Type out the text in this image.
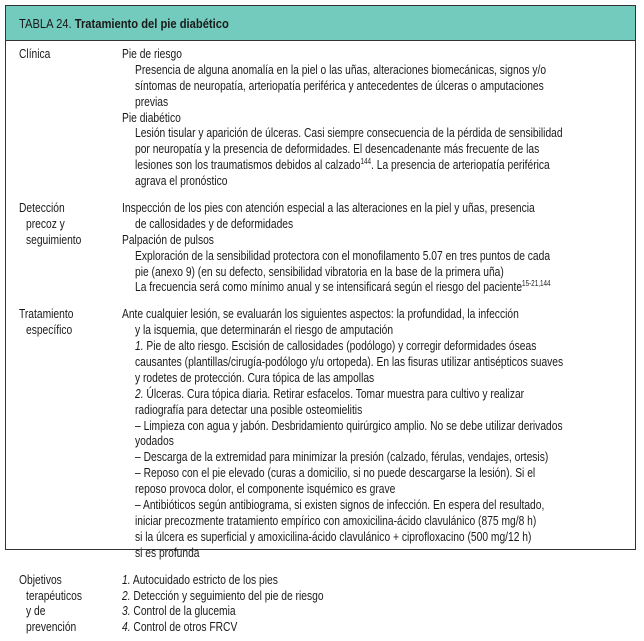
TABLA 24. Tratamiento del pie diabético
Clínica	Pie de riesgo
Presencia de alguna anomalía en la piel o las uñas, alteraciones biomecánicas, signos y/o
síntomas de neuropatía, arteriopatía periférica y antecedentes de úlceras o amputaciones
previas
Pie diabético
Lesión tisular y aparición de úlceras. Casi siempre consecuencia de la pérdida de sensibilidad
por neuropatía y la presencia de deformidades. El desencadenante más frecuente de las
lesiones son los traumatismos debidos al calzado$^{144}$. La presencia de arteriopatía periférica
agrava el pronóstico
Detección
precoz y
seguimiento
Inspección de los pies con atención especial a las alteraciones en la piel y uñas, presencia
de callosidades y de deformidades
Palpación de pulsos
Exploración de la sensibilidad protectora con el monofilamento 5.07 en tres puntos de cada
pie (anexo 9) (en su defecto, sensibilidad vibratoria en la base de la primera uña)
La frecuencia será como mínimo anual y se intensificará según el riesgo del paciente$^{15-21,144}$
Tratamiento
específico
Ante cualquier lesión, se evaluarán los siguientes aspectos: la profundidad, la infección
y la isquemia, que determinarán el riesgo de amputación
1. Pie de alto riesgo. Escisión de callosidades (podólogo) y corregir deformidades óseas
causantes (plantillas/cirugía-podólogo y/u ortopeda). En las fisuras utilizar antisépticos suaves
y rodetes de protección. Cura tópica de las ampollas
2. Úlceras. Cura tópica diaria. Retirar esfacelos. Tomar muestra para cultivo y realizar
radiografía para detectar una posible osteomielitis
– Limpieza con agua y jabón. Desbridamiento quirúrgico amplio. No se debe utilizar derivados
yodados
– Descarga de la extremidad para minimizar la presión (calzado, férulas, vendajes, ortesis)
– Reposo con el pie elevado (curas a domicilio, si no puede descargarse la lesión). Si el
reposo provoca dolor, el componente isquémico es grave
– Antibióticos según antibiograma, si existen signos de infección. En espera del resultado,
iniciar precozmente tratamiento empírico con amoxicilina-ácido clavulánico (875 mg/8 h)
si la úlcera es superficial y amoxicilina-ácido clavulánico + ciprofloxacino (500 mg/12 h)
si es profunda
Objetivos
terapéuticos
y de
prevención
1. Autocuidado estricto de los pies
2. Detección y seguimiento del pie de riesgo
3. Control de la glucemia
4. Control de otros FRCV
